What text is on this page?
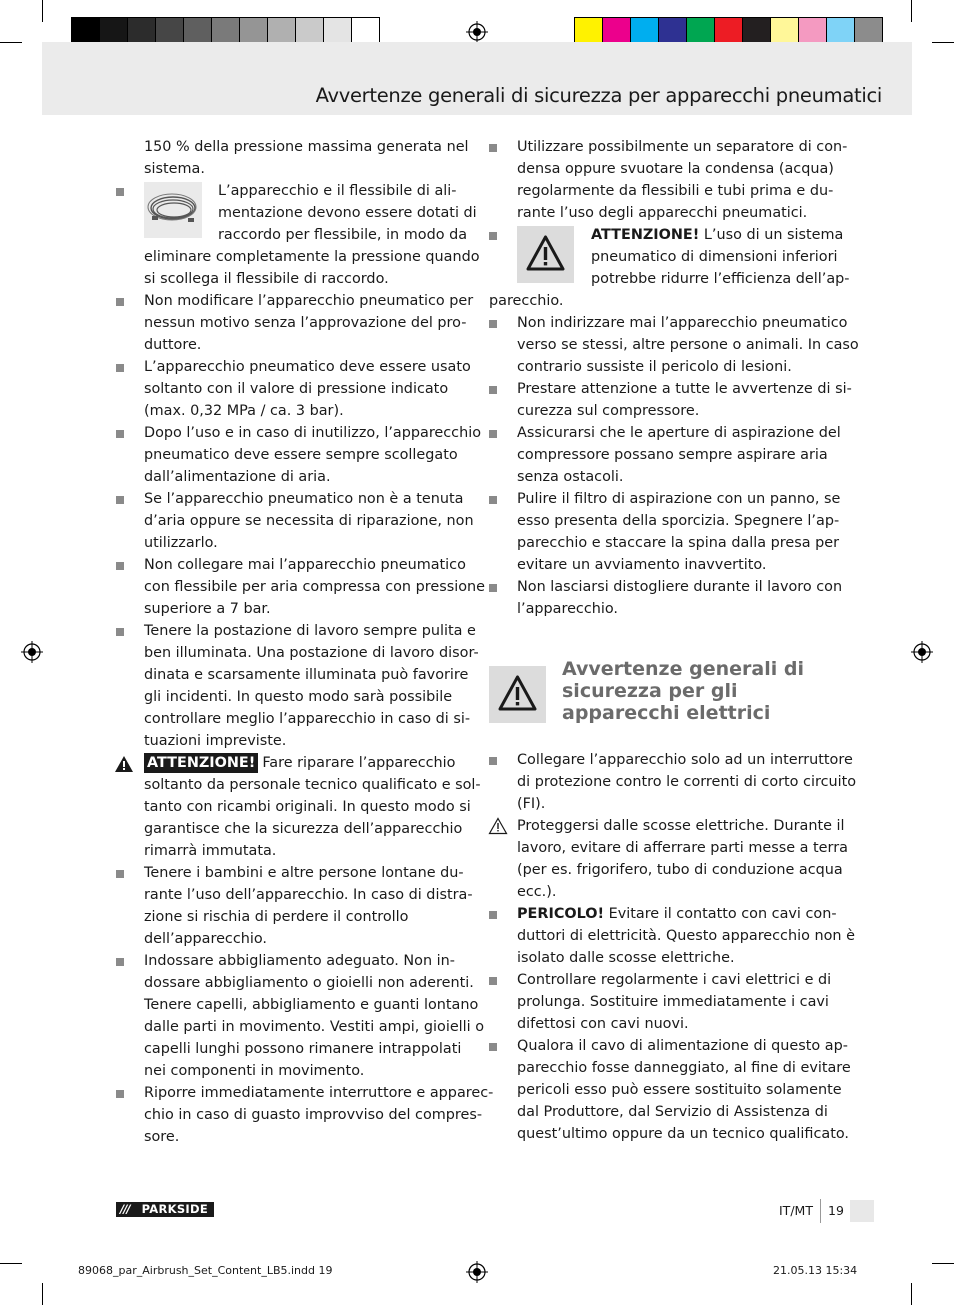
Avvertenze generali di sicurezza per apparecchi pneumatici
150 % della pressione massima generata nel
sistema.
L’apparecchio e il flessibile di ali-
mentazione devono essere dotati di
raccordo per flessibile, in modo da
eliminare completamente la pressione quando
si scollega il flessibile di raccordo.
Non modificare l’apparecchio pneumatico per
nessun motivo senza l’approvazione del pro-
duttore.
L’apparecchio pneumatico deve essere usato
soltanto con il valore di pressione indicato
(max. 0,32 MPa / ca. 3 bar).
Dopo l’uso e in caso di inutilizzo, l’apparecchio
pneumatico deve essere sempre scollegato
dall’alimentazione di aria.
Se l’apparecchio pneumatico non è a tenuta
d’aria oppure se necessita di riparazione, non
utilizzarlo.
Non collegare mai l’apparecchio pneumatico
con flessibile per aria compressa con pressione
superiore a 7 bar.
Tenere la postazione di lavoro sempre pulita e
ben illuminata. Una postazione di lavoro disor-
dinata e scarsamente illuminata può favorire
gli incidenti. In questo modo sarà possibile
controllare meglio l’apparecchio in caso di si-
tuazioni impreviste.
ATTENZIONE! Fare riparare l’apparecchio
soltanto da personale tecnico qualificato e sol-
tanto con ricambi originali. In questo modo si
garantisce che la sicurezza dell’apparecchio
rimarrà immutata.
Tenere i bambini e altre persone lontane du-
rante l’uso dell’apparecchio. In caso di distra-
zione si rischia di perdere il controllo
dell’apparecchio.
Indossare abbigliamento adeguato. Non in-
dossare abbigliamento o gioielli non aderenti.
Tenere capelli, abbigliamento e guanti lontano
dalle parti in movimento. Vestiti ampi, gioielli o
capelli lunghi possono rimanere intrappolati
nei componenti in movimento.
Riporre immediatamente interruttore e apparec-
chio in caso di guasto improvviso del compres-
sore.
Utilizzare possibilmente un separatore di con-
densa oppure svuotare la condensa (acqua)
regolarmente da flessibili e tubi prima e du-
rante l’uso degli apparecchi pneumatici.
ATTENZIONE! L’uso di un sistema
pneumatico di dimensioni inferiori
potrebbe ridurre l’efficienza dell’ap-
parecchio.
Non indirizzare mai l’apparecchio pneumatico
verso se stessi, altre persone o animali. In caso
contrario sussiste il pericolo di lesioni.
Prestare attenzione a tutte le avvertenze di si-
curezza sul compressore.
Assicurarsi che le aperture di aspirazione del
compressore possano sempre aspirare aria
senza ostacoli.
Pulire il filtro di aspirazione con un panno, se
esso presenta della sporcizia. Spegnere l’ap-
parecchio e staccare la spina dalla presa per
evitare un avviamento inavvertito.
Non lasciarsi distogliere durante il lavoro con
l’apparecchio.
Avvertenze generali di
sicurezza per gli
apparecchi elettrici
Collegare l’apparecchio solo ad un interruttore
di protezione contro le correnti di corto circuito
(FI).
Proteggersi dalle scosse elettriche. Durante il
lavoro, evitare di afferrare parti messe a terra
(per es. frigorifero, tubo di conduzione acqua
ecc.).
PERICOLO! Evitare il contatto con cavi con-
duttori di elettricità. Questo apparecchio non è
isolato dalle scosse elettriche.
Controllare regolarmente i cavi elettrici e di
prolunga. Sostituire immediatamente i cavi
difettosi con cavi nuovi.
Qualora il cavo di alimentazione di questo ap-
parecchio fosse danneggiato, al fine di evitare
pericoli esso può essere sostituito solamente
dal Produttore, dal Servizio di Assistenza di
quest’ultimo oppure da un tecnico qualificato.
/// PARKSIDE	IT/MT 19
89068_par_Airbrush_Set_Content_LB5.indd 19	21.05.13 15:34
